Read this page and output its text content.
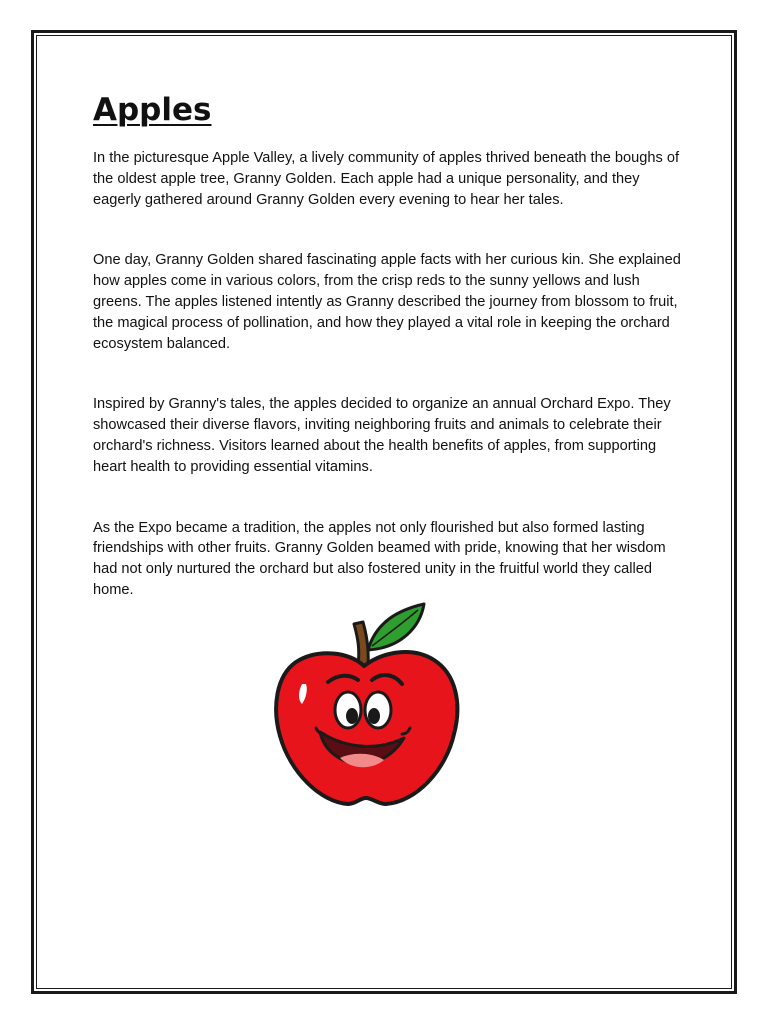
Apples

In the picturesque Apple Valley, a lively community of apples thrived beneath the boughs of the oldest apple tree, Granny Golden. Each apple had a unique personality, and they eagerly gathered around Granny Golden every evening to hear her tales.

One day, Granny Golden shared fascinating apple facts with her curious kin. She explained how apples come in various colors, from the crisp reds to the sunny yellows and lush greens. The apples listened intently as Granny described the journey from blossom to fruit, the magical process of pollination, and how they played a vital role in keeping the orchard ecosystem balanced.

Inspired by Granny's tales, the apples decided to organize an annual Orchard Expo. They showcased their diverse flavors, inviting neighboring fruits and animals to celebrate their orchard's richness. Visitors learned about the health benefits of apples, from supporting heart health to providing essential vitamins.

As the Expo became a tradition, the apples not only flourished but also formed lasting friendships with other fruits. Granny Golden beamed with pride, knowing that her wisdom had not only nurtured the orchard but also fostered unity in the fruitful world they called home.
